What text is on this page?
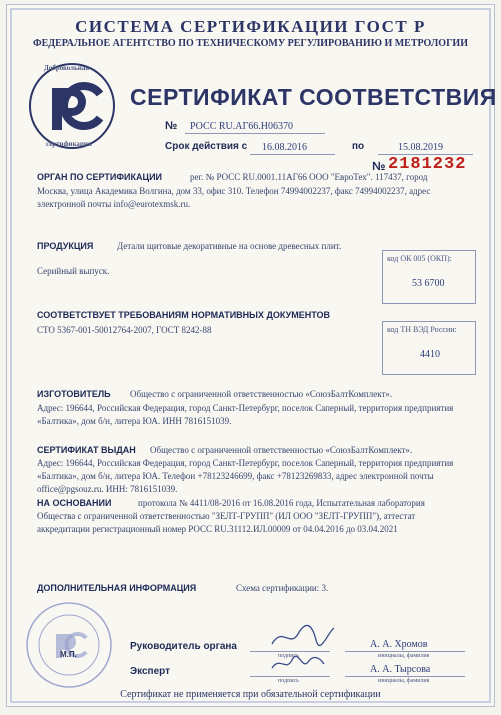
СИСТЕМА СЕРТИФИКАЦИИ ГОСТ Р
ФЕДЕРАЛЬНОЕ АГЕНТСТВО ПО ТЕХНИЧЕСКОМУ РЕГУЛИРОВАНИЮ И МЕТРОЛОГИИ
Добровольная
сертификация
СЕРТИФИКАТ СООТВЕТСТВИЯ
№ РОСС RU.АГ66.Н06370
Срок действия с 16.08.2016	по	15.08.2019
№ 2181232
ОРГАН ПО СЕРТИФИКАЦИИ	рег. № РОСС RU.0001.11АГ66 ООО "ЕвроТех". 117437, город
Москва, улица Академика Волгина, дом 33, офис 310. Телефон 74994002237, факс 74994002237, адрес
электронной почты info@eurotexmsk.ru.
ПРОДУКЦИЯ	Детали щитовые декоративные на основе древесных плит.
Серийный выпуск.
код ОК 005 (ОКП):
53 6700
СООТВЕТСТВУЕТ ТРЕБОВАНИЯМ НОРМАТИВНЫХ ДОКУМЕНТОВ
СТО 5367-001-50012764-2007, ГОСТ 8242-88	код ТН ВЭД России:
4410
ИЗГОТОВИТЕЛЬ Общество с ограниченной ответственностью «СоюзБалтКомплект».
Адрес: 196644, Российская Федерация, город Санкт-Петербург, поселок Саперный, территория предприятия
«Балтика», дом б/н, литера ЮА. ИНН 7816151039.
СЕРТИФИКАТ ВЫДАН Общество с ограниченной ответственностью «СоюзБалтКомплект».
Адрес: 196644, Российская Федерация, город Санкт-Петербург, поселок Саперный, территория предприятия
«Балтика», дом б/н, литера ЮА. Телефон +78123246699, факс +78123269833, адрес электронной почты
office@pgsouz.ru. ИНН: 7816151039.
НА ОСНОВАНИИ	протокола № 4411/08-2016 от 16.08.2016 года, Испытательная лаборатория
Общества с ограниченной ответственностью "ЗЕЛТ-ГРУПП" (ИЛ ООО "ЗЕЛТ-ГРУПП"), аттестат
аккредитации регистрационный номер РОСС RU.31112.ИЛ.00009 от 04.04.2016 до 03.04.2021
ДОПОЛНИТЕЛЬНАЯ ИНФОРМАЦИЯ	Схема сертификации: 3.
М.П.
Руководитель органа
подпись
А. А. Хромов
инициалы, фамилия
Эксперт
подпись
А. А. Тырсова
инициалы, фамилия
Сертификат не применяется при обязательной сертификации
